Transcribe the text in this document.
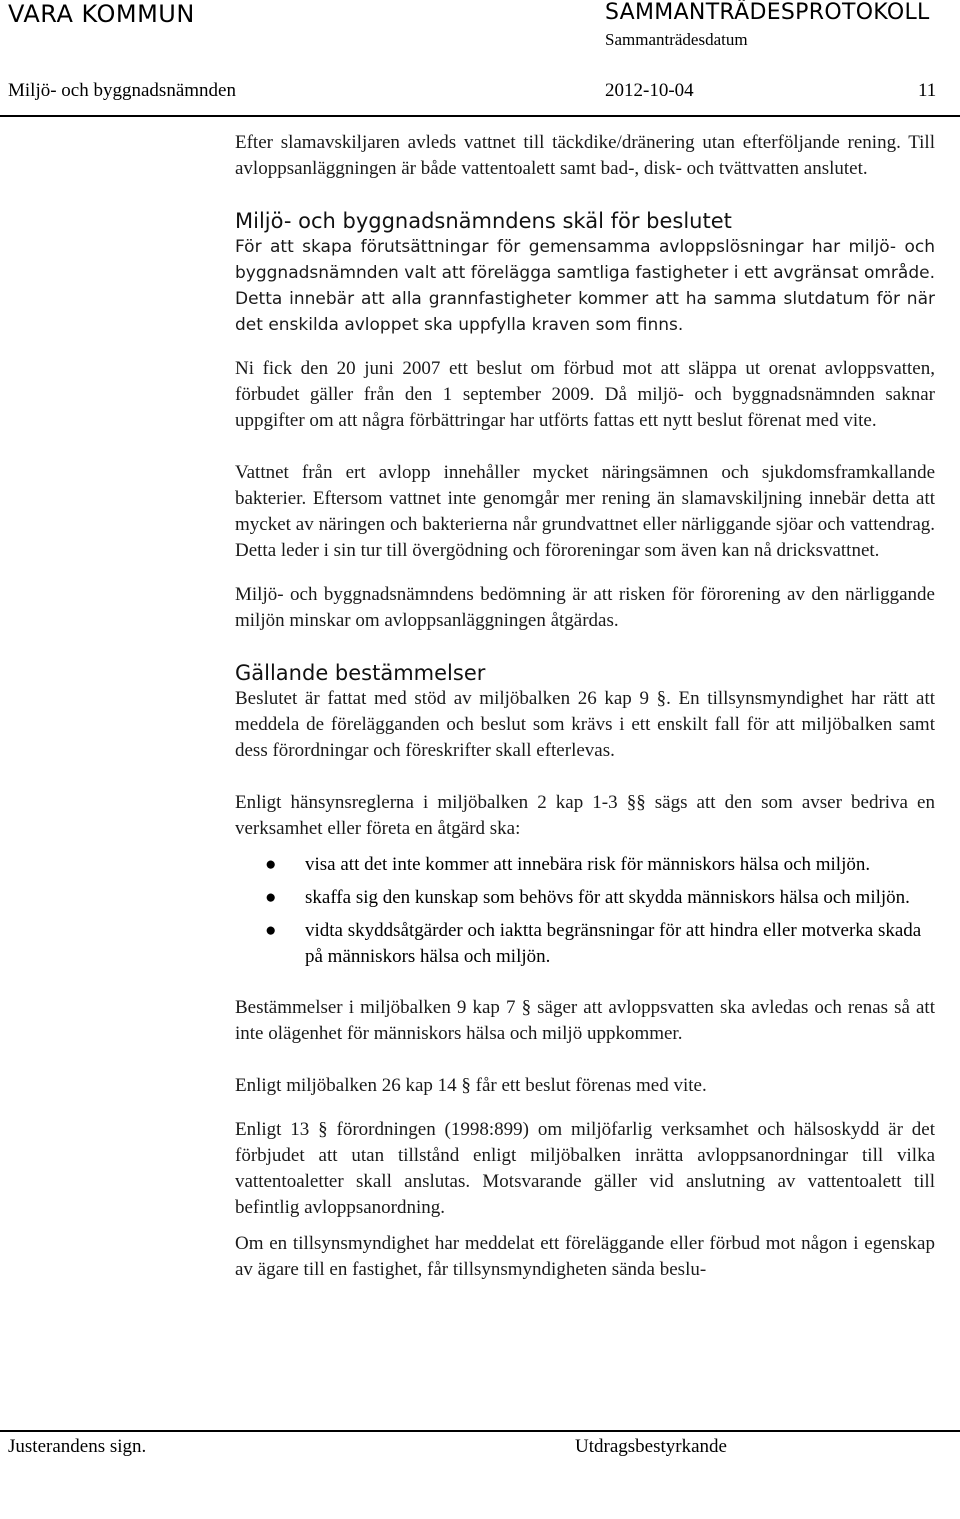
VARA KOMMUN	SAMMANTRÄDESPROTOKOLL
Sammanträdesdatum
Miljö- och byggnadsnämnden	2012-10-04	11

Efter slamavskiljaren avleds vattnet till täckdike/dränering utan efterföljande rening. Till avloppsanläggningen är både vattentoalett samt bad-, disk- och tvättvatten anslutet.

Miljö- och byggnadsnämndens skäl för beslutet

För att skapa förutsättningar för gemensamma avloppslösningar har miljö- och byggnadsnämnden valt att förelägga samtliga fastigheter i ett avgränsat område. Detta innebär att alla grannfastigheter kommer att ha samma slutdatum för när det enskilda avloppet ska uppfylla kraven som finns.

Ni fick den 20 juni 2007 ett beslut om förbud mot att släppa ut orenat avloppsvatten, förbudet gäller från den 1 september 2009. Då miljö- och byggnadsnämnden saknar uppgifter om att några förbättringar har utförts fattas ett nytt beslut förenat med vite.

Vattnet från ert avlopp innehåller mycket näringsämnen och sjukdomsframkallande bakterier. Eftersom vattnet inte genomgår mer rening än slamavskiljning innebär detta att mycket av näringen och bakterierna når grundvattnet eller närliggande sjöar och vattendrag. Detta leder i sin tur till övergödning och föroreningar som även kan nå dricksvattnet.

Miljö- och byggnadsnämndens bedömning är att risken för förorening av den närliggande miljön minskar om avloppsanläggningen åtgärdas.

Gällande bestämmelser

Beslutet är fattat med stöd av miljöbalken 26 kap 9 §. En tillsynsmyndighet har rätt att meddela de förelägganden och beslut som krävs i ett enskilt fall för att miljöbalken samt dess förordningar och föreskrifter skall efterlevas.

Enligt hänsynsreglerna i miljöbalken 2 kap 1-3 §§ sägs att den som avser bedriva en verksamhet eller företa en åtgärd ska:

● visa att det inte kommer att innebära risk för människors hälsa och miljön.
● skaffa sig den kunskap som behövs för att skydda människors hälsa och miljön.
● vidta skyddsåtgärder och iaktta begränsningar för att hindra eller motverka skada på människors hälsa och miljön.

Bestämmelser i miljöbalken 9 kap 7 § säger att avloppsvatten ska avledas och renas så att inte olägenhet för människors hälsa och miljö uppkommer.

Enligt miljöbalken 26 kap 14 § får ett beslut förenas med vite.

Enligt 13 § förordningen (1998:899) om miljöfarlig verksamhet och hälsoskydd är det förbjudet att utan tillstånd enligt miljöbalken inrätta avloppsanordningar till vilka vattentoaletter skall anslutas. Motsvarande gäller vid anslutning av vattentoalett till befintlig avloppsanordning.

Om en tillsynsmyndighet har meddelat ett föreläggande eller förbud mot någon i egenskap av ägare till en fastighet, får tillsynsmyndigheten sända beslu-

Justerandens sign.	Utdragsbestyrkande
